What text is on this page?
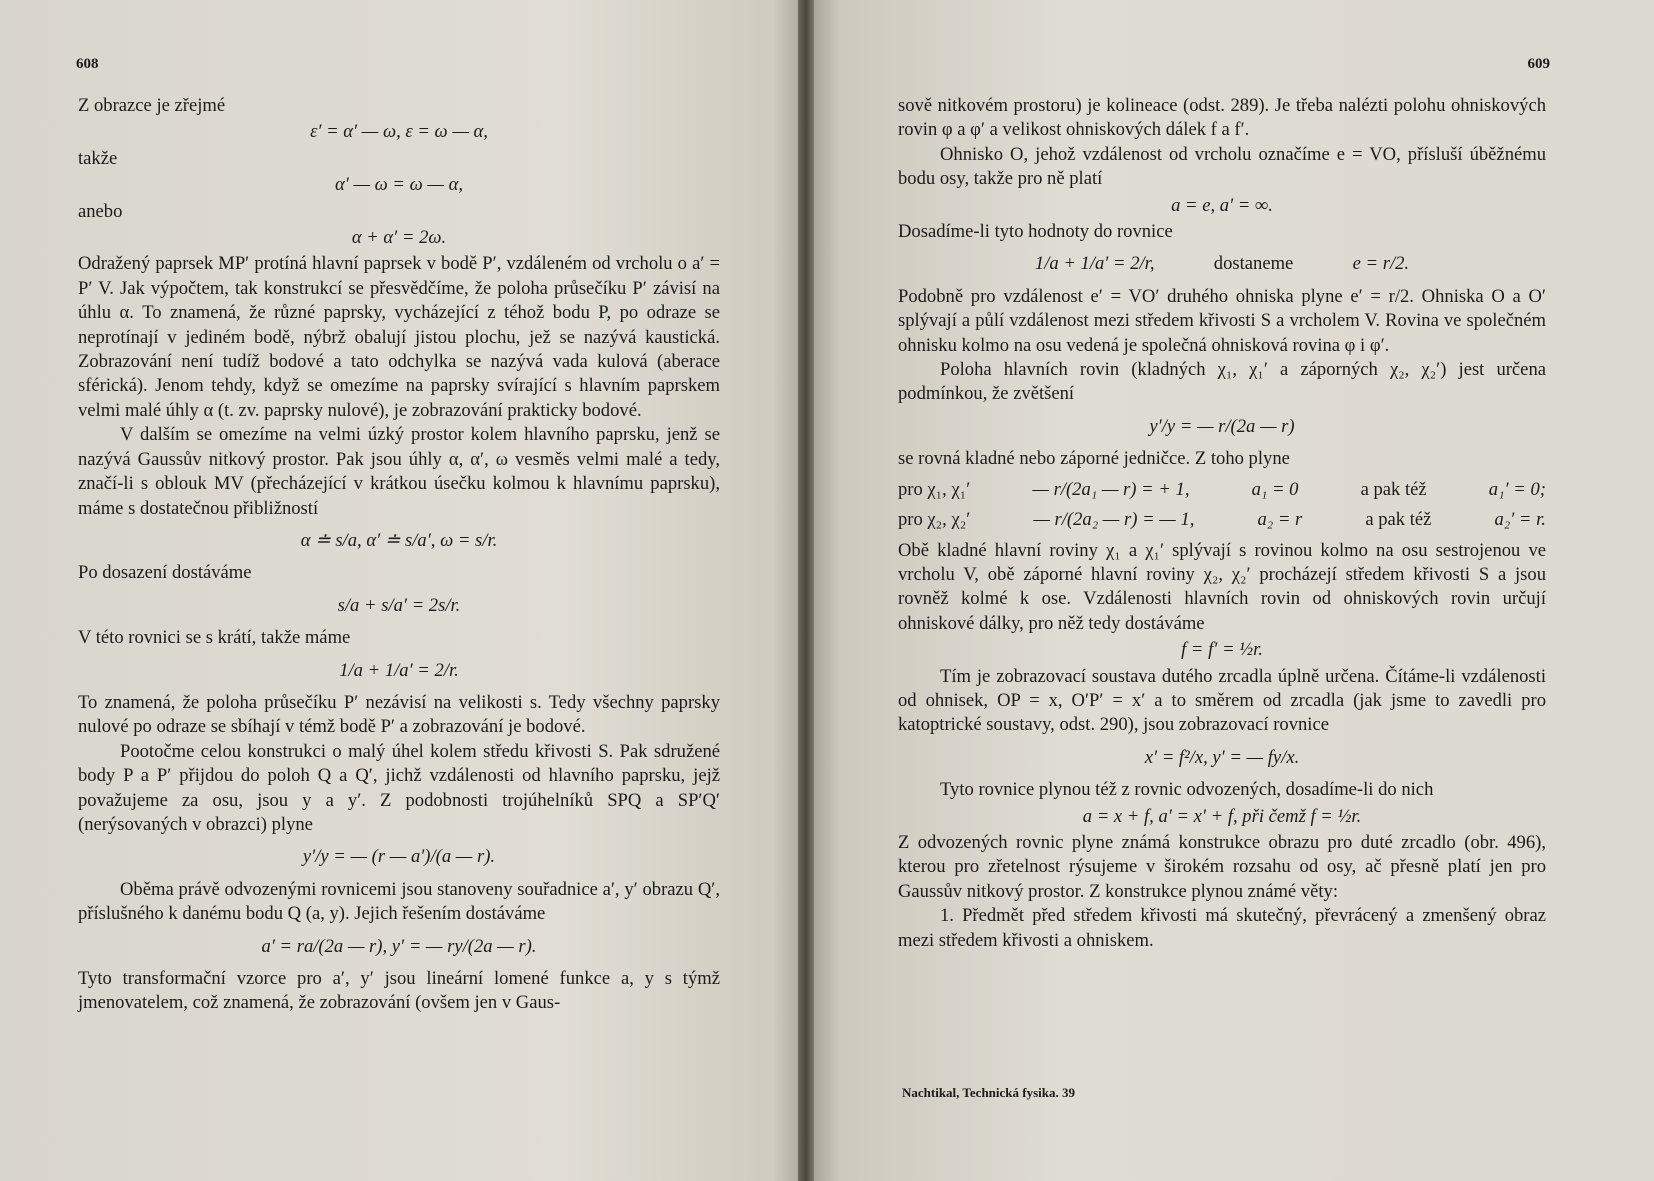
608

Z obrazce je zřejmé

ε′ = α′ — ω, ε = ω — α,

takže

α′ — ω = ω — α,

anebo

α + α′ = 2ω.

Odražený paprsek MP′ protíná hlavní paprsek v bodě P′, vzdáleném od vrcholu o a′ = P′ V. Jak výpočtem, tak konstrukcí se přesvědčíme, že poloha průsečíku P′ závisí na úhlu α. To znamená, že různé paprsky, vycházející z téhož bodu P, po odraze se neprotínají v jediném bodě, nýbrž obalují jistou plochu, jež se nazývá kaustická. Zobrazování není tudíž bodové a tato odchylka se nazývá vada kulová (aberace sférická). Jenom tehdy, když se omezíme na paprsky svírající s hlavním paprskem velmi malé úhly α (t. zv. paprsky nulové), je zobrazování prakticky bodové.

V dalším se omezíme na velmi úzký prostor kolem hlavního paprsku, jenž se nazývá Gaussův nitkový prostor. Pak jsou úhly α, α′, ω vesměs velmi malé a tedy, značí-li s oblouk MV (přecházející v krátkou úsečku kolmou k hlavnímu paprsku), máme s dostatečnou přibližností

α ≐ s/a, α′ ≐ s/a′, ω = s/r.

Po dosazení dostáváme

s/a + s/a′ = 2s/r.

V této rovnici se s krátí, takže máme

1/a + 1/a′ = 2/r.

To znamená, že poloha průsečíku P′ nezávisí na velikosti s. Tedy všechny paprsky nulové po odraze se sbíhají v témž bodě P′ a zobrazování je bodové.

Pootočme celou konstrukci o malý úhel kolem středu křivosti S. Pak sdružené body P a P′ přijdou do poloh Q a Q′, jichž vzdálenosti od hlavního paprsku, jejž považujeme za osu, jsou y a y′. Z podobnosti trojúhelníků SPQ a SP′Q′ (nerýsovaných v obrazci) plyne

y′/y = — (r — a′)/(a — r).

Oběma právě odvozenými rovnicemi jsou stanoveny souřadnice a′, y′ obrazu Q′, příslušného k danému bodu Q (a, y). Jejich řešením dostáváme

a′ = ra/(2a — r), y′ = — ry/(2a — r).

Tyto transformační vzorce pro a′, y′ jsou lineární lomené funkce a, y s týmž jmenovatelem, což znamená, že zobrazování (ovšem jen v Gaus-

609

sově nitkovém prostoru) je kolineace (odst. 289). Je třeba nalézti polohu ohniskových rovin φ a φ′ a velikost ohniskových dálek f a f′.

Ohnisko O, jehož vzdálenost od vrcholu označíme e = VO, přísluší úběžnému bodu osy, takže pro ně platí

a = e, a′ = ∞.

Dosadíme-li tyto hodnoty do rovnice

1/a + 1/a′ = 2/r,	dostaneme	e = r/2.

Podobně pro vzdálenost e′ = VO′ druhého ohniska plyne e′ = r/2. Ohniska O a O′ splývají a půlí vzdálenost mezi středem křivosti S a vrcholem V. Rovina ve společném ohnisku kolmo na osu vedená je společná ohnisková rovina φ i φ′.

Poloha hlavních rovin (kladných χ₁, χ₁′ a záporných χ₂, χ₂′) jest určena podmínkou, že zvětšení

y′/y = — r/(2a — r)

se rovná kladné nebo záporné jedničce. Z toho plyne

pro χ₁, χ₁′	— r/(2a₁ — r) = + 1,	a₁ = 0	a pak též	a₁′ = 0;
pro χ₂, χ₂′	— r/(2a₂ — r) = — 1,	a₂ = r	a pak též	a₂′ = r.

Obě kladné hlavní roviny χ₁ a χ₁′ splývají s rovinou kolmo na osu sestrojenou ve vrcholu V, obě záporné hlavní roviny χ₂, χ₂′ procházejí středem křivosti S a jsou rovněž kolmé k ose. Vzdálenosti hlavních rovin od ohniskových rovin určují ohniskové dálky, pro něž tedy dostáváme

f = f′ = ½r.

Tím je zobrazovací soustava dutého zrcadla úplně určena. Čítáme-li vzdálenosti od ohnisek, OP = x, O′P′ = x′ a to směrem od zrcadla (jak jsme to zavedli pro katoptrické soustavy, odst. 290), jsou zobrazovací rovnice

x′ = f²/x, y′ = — fy/x.

Tyto rovnice plynou též z rovnic odvozených, dosadíme-li do nich

a = x + f, a′ = x′ + f, při čemž f = ½r.

Z odvozených rovnic plyne známá konstrukce obrazu pro duté zrcadlo (obr. 496), kterou pro zřetelnost rýsujeme v širokém rozsahu od osy, ač přesně platí jen pro Gaussův nitkový prostor. Z konstrukce plynou známé věty:

1. Předmět před středem křivosti má skutečný, převrácený a zmenšený obraz mezi středem křivosti a ohniskem.

Nachtikal, Technická fysika. 39
